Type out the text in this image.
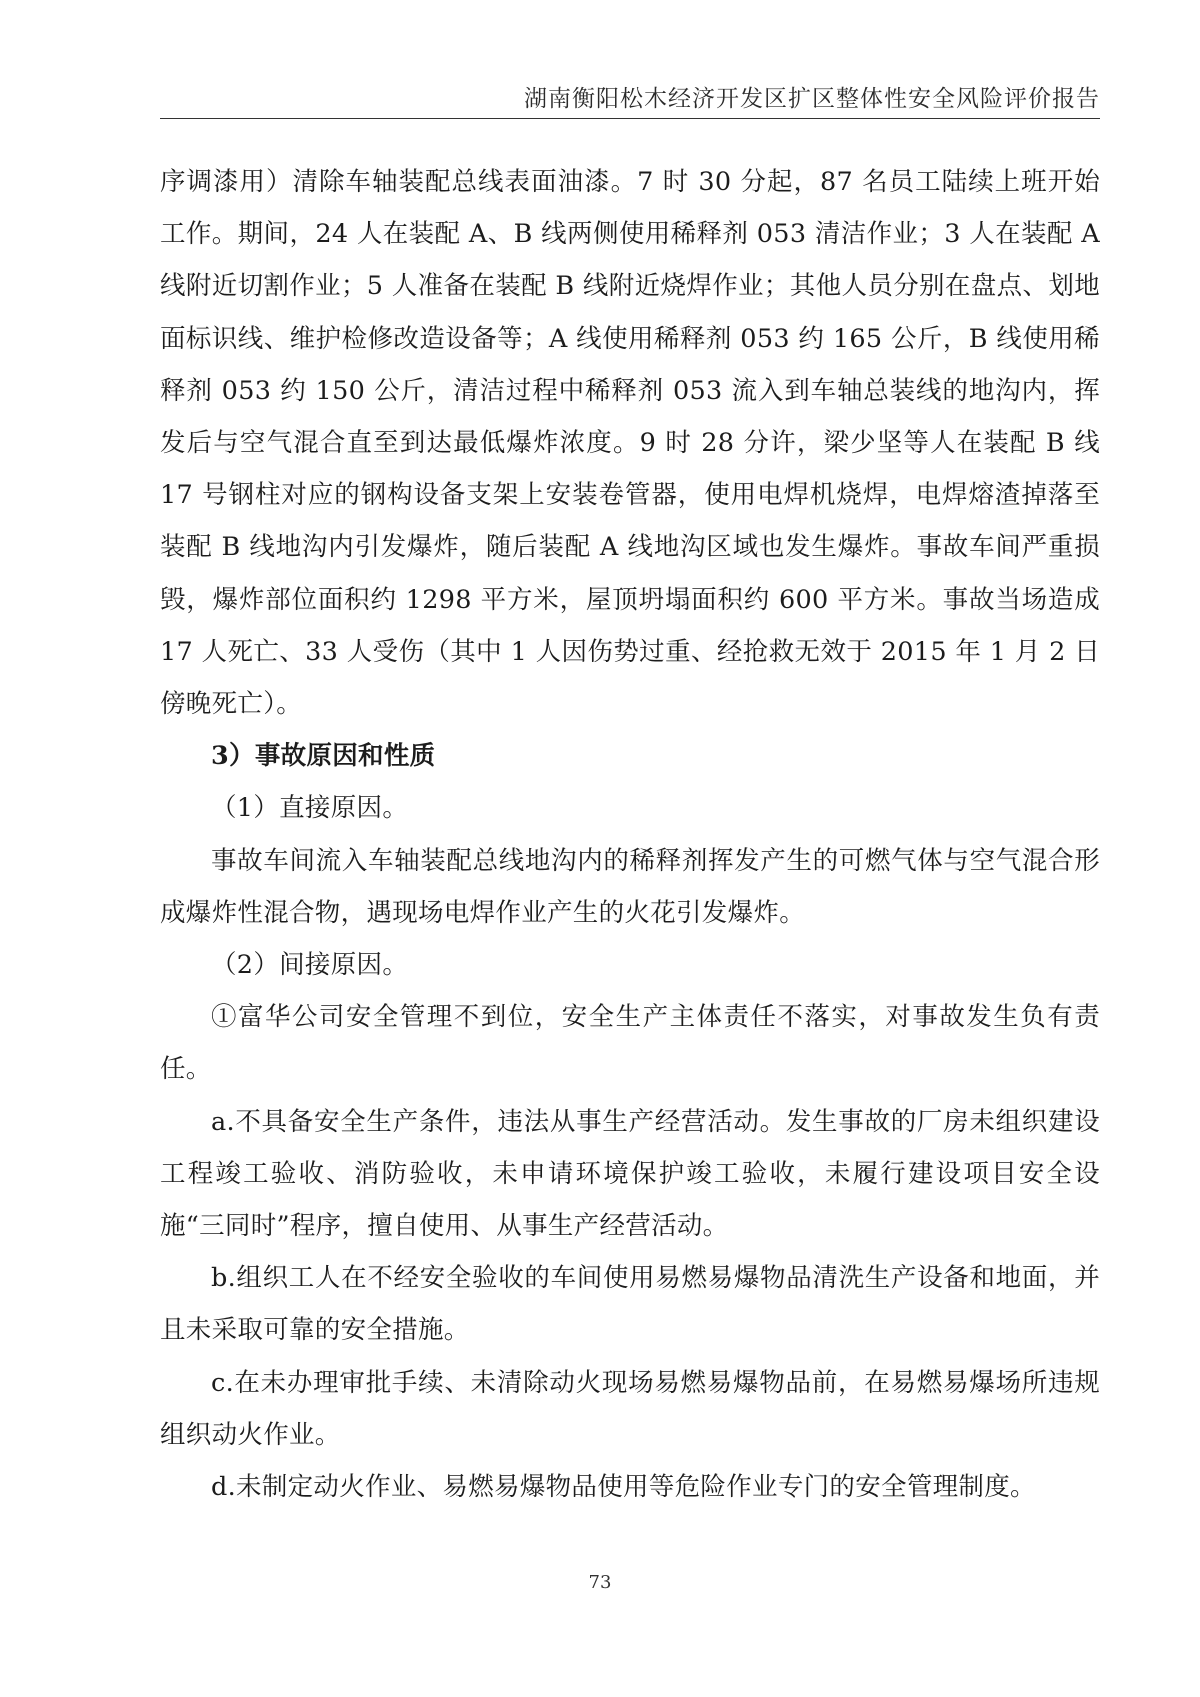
湖南衡阳松木经济开发区扩区整体性安全风险评价报告

序调漆用）清除车轴装配总线表面油漆。7 时 30 分起，87 名员工陆续上班开始工作。期间，24 人在装配 A、B 线两侧使用稀释剂 053 清洁作业；3 人在装配 A 线附近切割作业；5 人准备在装配 B 线附近烧焊作业；其他人员分别在盘点、划地面标识线、维护检修改造设备等；A 线使用稀释剂 053 约 165 公斤，B 线使用稀释剂 053 约 150 公斤，清洁过程中稀释剂 053 流入到车轴总装线的地沟内，挥发后与空气混合直至到达最低爆炸浓度。9 时 28 分许，梁少坚等人在装配 B 线 17 号钢柱对应的钢构设备支架上安装卷管器，使用电焊机烧焊，电焊熔渣掉落至装配 B 线地沟内引发爆炸，随后装配 A 线地沟区域也发生爆炸。事故车间严重损毁，爆炸部位面积约 1298 平方米，屋顶坍塌面积约 600 平方米。事故当场造成 17 人死亡、33 人受伤（其中 1 人因伤势过重、经抢救无效于 2015 年 1 月 2 日傍晚死亡）。

3）事故原因和性质

（1）直接原因。

事故车间流入车轴装配总线地沟内的稀释剂挥发产生的可燃气体与空气混合形成爆炸性混合物，遇现场电焊作业产生的火花引发爆炸。

（2）间接原因。

①富华公司安全管理不到位，安全生产主体责任不落实，对事故发生负有责任。

a.不具备安全生产条件，违法从事生产经营活动。发生事故的厂房未组织建设工程竣工验收、消防验收，未申请环境保护竣工验收，未履行建设项目安全设施“三同时”程序，擅自使用、从事生产经营活动。

b.组织工人在不经安全验收的车间使用易燃易爆物品清洗生产设备和地面，并且未采取可靠的安全措施。

c.在未办理审批手续、未清除动火现场易燃易爆物品前，在易燃易爆场所违规组织动火作业。

d.未制定动火作业、易燃易爆物品使用等危险作业专门的安全管理制度。

73
